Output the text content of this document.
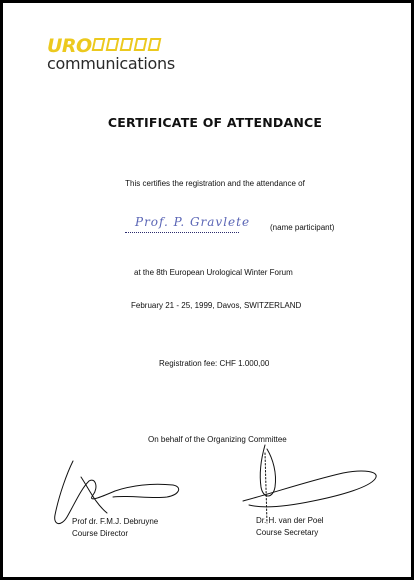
URO
communications
CERTIFICATE OF ATTENDANCE
This certifies the registration and the attendance of
Prof. P. Gravlete (name participant)
at the 8th European Urological Winter Forum
February 21 - 25, 1999, Davos, SWITZERLAND
Registration fee: CHF 1.000,00
On behalf of the Organizing Committee
Prof dr. F.M.J. Debruyne
Course Director
Dr. H. van der Poel
Course Secretary
